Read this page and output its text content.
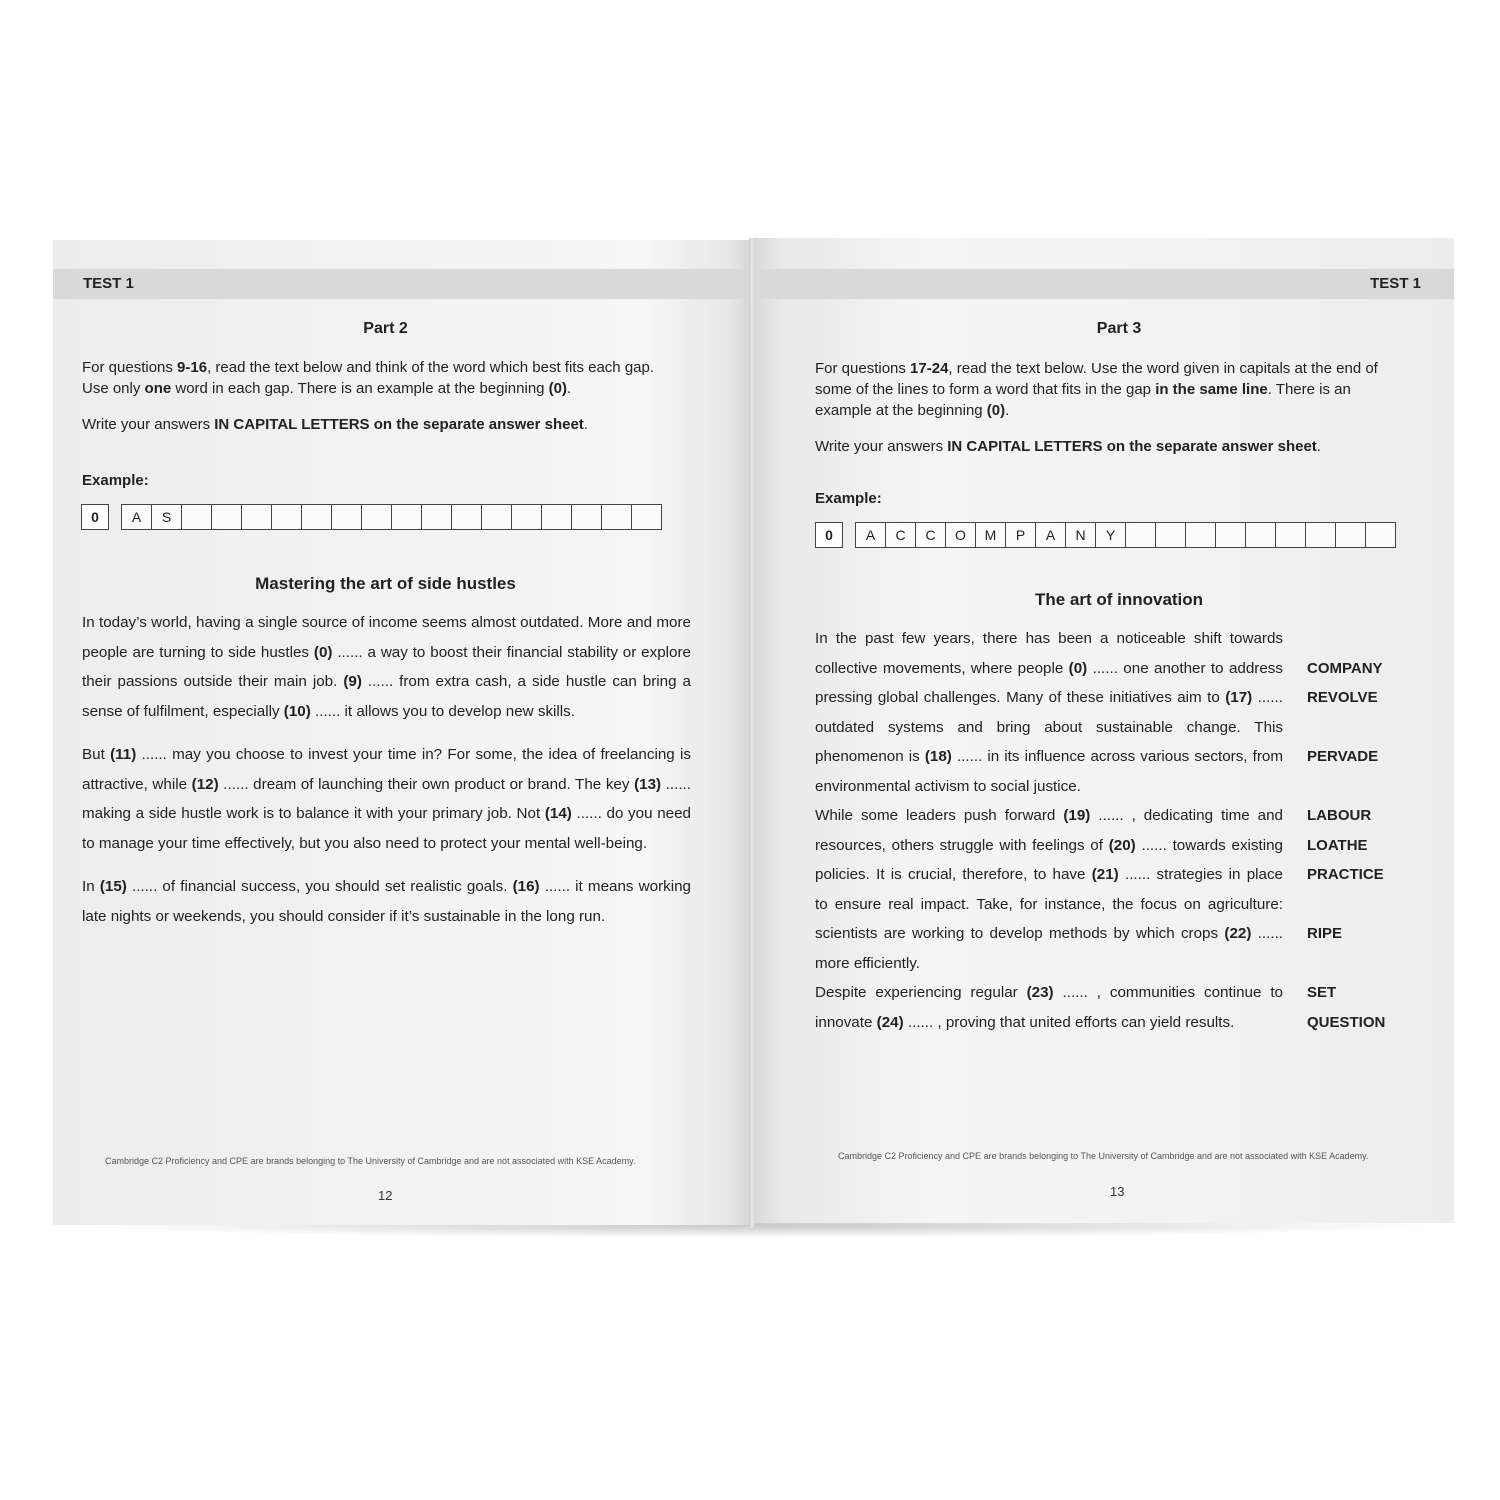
TEST 1
Part 2

For questions 9-16, read the text below and think of the word which best fits each gap.
Use only one word in each gap. There is an example at the beginning (0).

Write your answers IN CAPITAL LETTERS on the separate answer sheet.

Example:
0	A	S
Mastering the art of side hustles

In today’s world, having a single source of income seems almost outdated. More and more people are turning to side hustles (0) ...... a way to boost their financial stability or explore their passions outside their main job. (9) ...... from extra cash, a side hustle can bring a sense of fulfilment, especially (10) ...... it allows you to develop new skills.

But (11) ...... may you choose to invest your time in? For some, the idea of freelancing is attractive, while (12) ...... dream of launching their own product or brand. The key (13) ...... making a side hustle work is to balance it with your primary job. Not (14) ...... do you need to manage your time effectively, but you also need to protect your mental well-being.

In (15) ...... of financial success, you should set realistic goals. (16) ...... it means working late nights or weekends, you should consider if it’s sustainable in the long run.

Cambridge C2 Proficiency and CPE are brands belonging to The University of Cambridge and are not associated with KSE Academy.
12
TEST 1
Part 3

For questions 17-24, read the text below. Use the word given in capitals at the end of
some of the lines to form a word that fits in the gap in the same line. There is an
example at the beginning (0).

Write your answers IN CAPITAL LETTERS on the separate answer sheet.

Example:
0	A	C	C	O	M	P	A	N	Y
The art of innovation
In the past few years, there has been a noticeable shift towards
collective movements, where people (0) ...... one another to address COMPANY
pressing global challenges. Many of these initiatives aim to (17) ...... REVOLVE
outdated systems and bring about sustainable change. This
phenomenon is (18) ...... in its influence across various sectors, from PERVADE
environmental activism to social justice.
While some leaders push forward (19) ...... , dedicating time and LABOUR
resources, others struggle with feelings of (20) ...... towards existing LOATHE
policies. It is crucial, therefore, to have (21) ...... strategies in place PRACTICE
to ensure real impact. Take, for instance, the focus on agriculture:
scientists are working to develop methods by which crops (22) ...... RIPE
more efficiently.
Despite experiencing regular (23) ...... , communities continue to SET
innovate (24) ...... , proving that united efforts can yield results.	QUESTION
Cambridge C2 Proficiency and CPE are brands belonging to The University of Cambridge and are not associated with KSE Academy.
13
